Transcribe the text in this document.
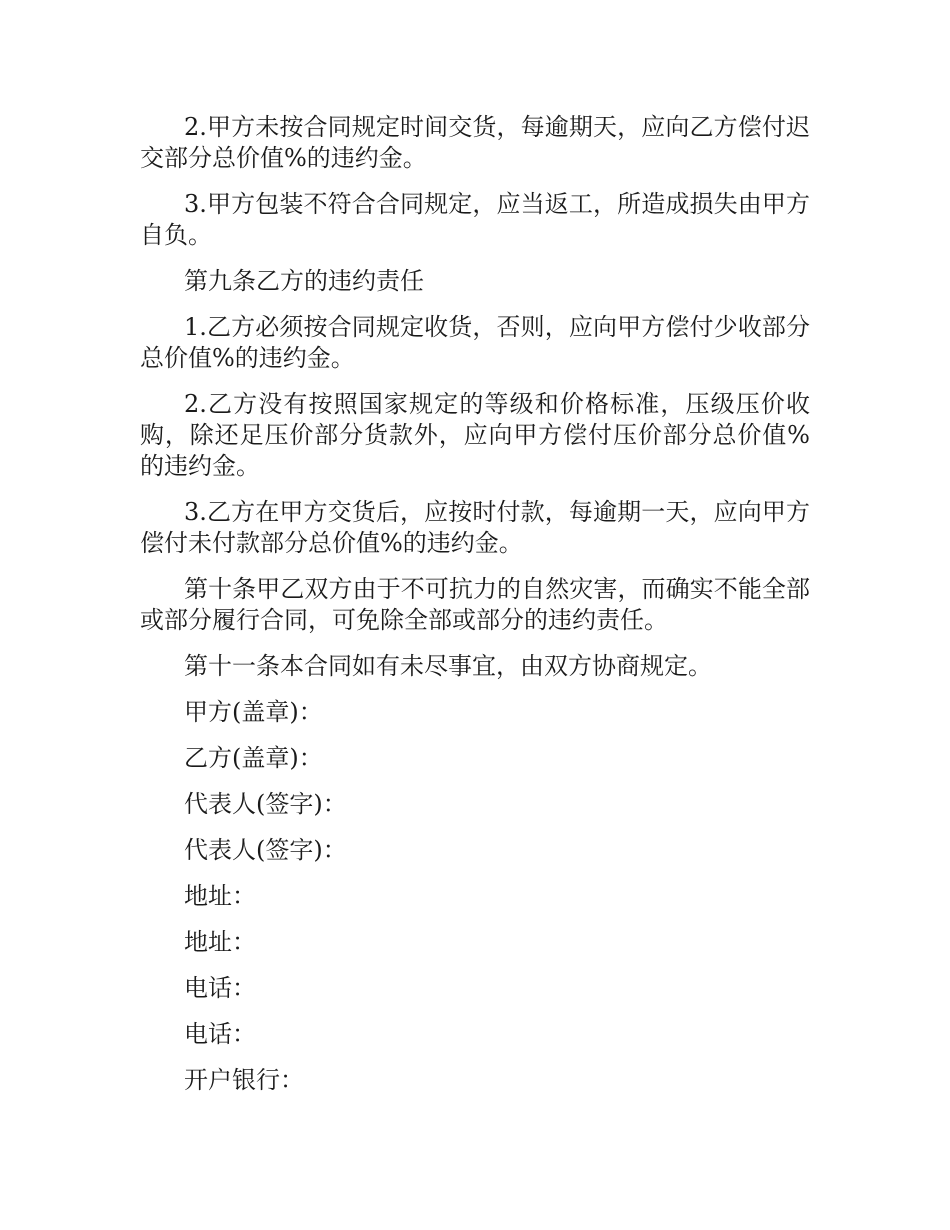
2.甲方未按合同规定时间交货，每逾期天，应向乙方偿付迟交部分总价值%的违约金。

3.甲方包装不符合合同规定，应当返工，所造成损失由甲方自负。

第九条乙方的违约责任

1.乙方必须按合同规定收货，否则，应向甲方偿付少收部分总价值%的违约金。

2.乙方没有按照国家规定的等级和价格标准，压级压价收购，除还足压价部分货款外，应向甲方偿付压价部分总价值%的违约金。

3.乙方在甲方交货后，应按时付款，每逾期一天，应向甲方偿付未付款部分总价值%的违约金。

第十条甲乙双方由于不可抗力的自然灾害，而确实不能全部或部分履行合同，可免除全部或部分的违约责任。

第十一条本合同如有未尽事宜，由双方协商规定。

甲方(盖章)：
乙方(盖章)：
代表人(签字)：
代表人(签字)：
地址：
地址：
电话：
电话：
开户银行：
